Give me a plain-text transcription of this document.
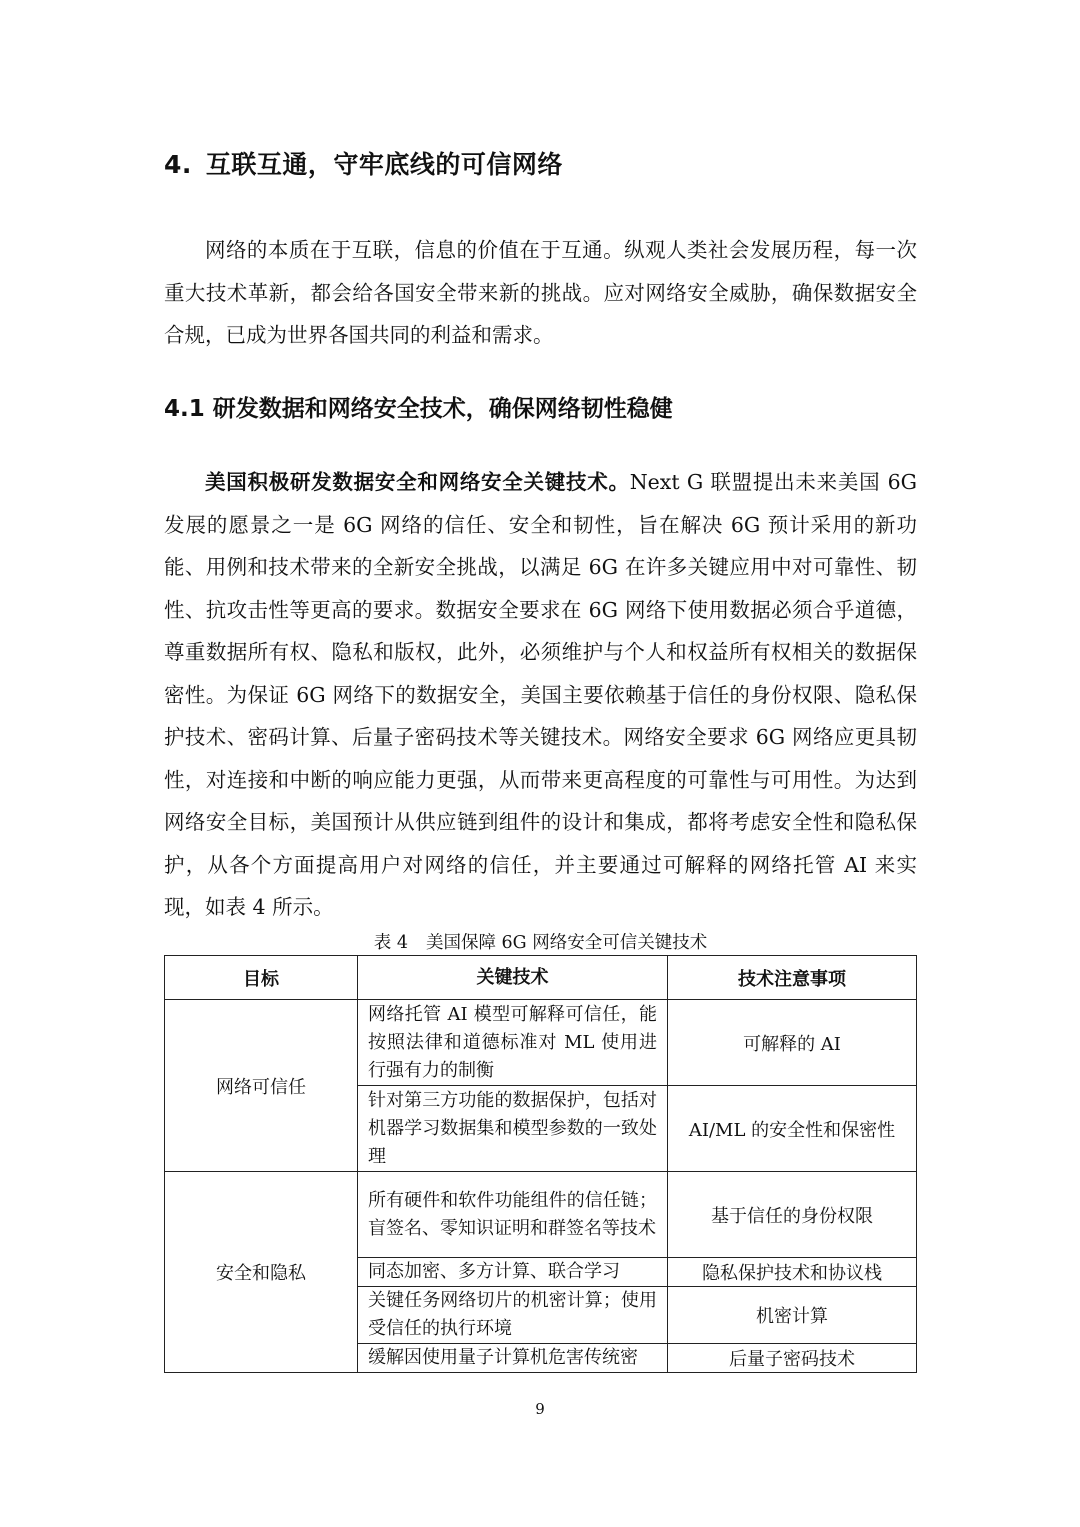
4. 互联互通，守牢底线的可信网络

网络的本质在于互联，信息的价值在于互通。纵观人类社会发展历程，每一次重大技术革新，都会给各国安全带来新的挑战。应对网络安全威胁，确保数据安全合规，已成为世界各国共同的利益和需求。

4.1 研发数据和网络安全技术，确保网络韧性稳健

美国积极研发数据安全和网络安全关键技术。Next G 联盟提出未来美国 6G 发展的愿景之一是 6G 网络的信任、安全和韧性，旨在解决 6G 预计采用的新功能、用例和技术带来的全新安全挑战，以满足 6G 在许多关键应用中对可靠性、韧性、抗攻击性等更高的要求。数据安全要求在 6G 网络下使用数据必须合乎道德，尊重数据所有权、隐私和版权，此外，必须维护与个人和权益所有权相关的数据保密性。为保证 6G 网络下的数据安全，美国主要依赖基于信任的身份权限、隐私保护技术、密码计算、后量子密码技术等关键技术。网络安全要求 6G 网络应更具韧性，对连接和中断的响应能力更强，从而带来更高程度的可靠性与可用性。为达到网络安全目标，美国预计从供应链到组件的设计和集成，都将考虑安全性和隐私保护，从各个方面提高用户对网络的信任，并主要通过可解释的网络托管 AI 来实现，如表 4 所示。

表 4 美国保障 6G 网络安全可信关键技术
目标	关键技术	技术注意事项
网络可信任	网络托管 AI 模型可解释可信任，能按照法律和道德标准对 ML 使用进行强有力的制衡	可解释的 AI
	针对第三方功能的数据保护，包括对机器学习数据集和模型参数的一致处理	AI/ML 的安全性和保密性
安全和隐私	所有硬件和软件功能组件的信任链；盲签名、零知识证明和群签名等技术	基于信任的身份权限
	同态加密、多方计算、联合学习	隐私保护技术和协议栈
	关键任务网络切片的机密计算；使用受信任的执行环境	机密计算
	缓解因使用量子计算机危害传统密	后量子密码技术
9
